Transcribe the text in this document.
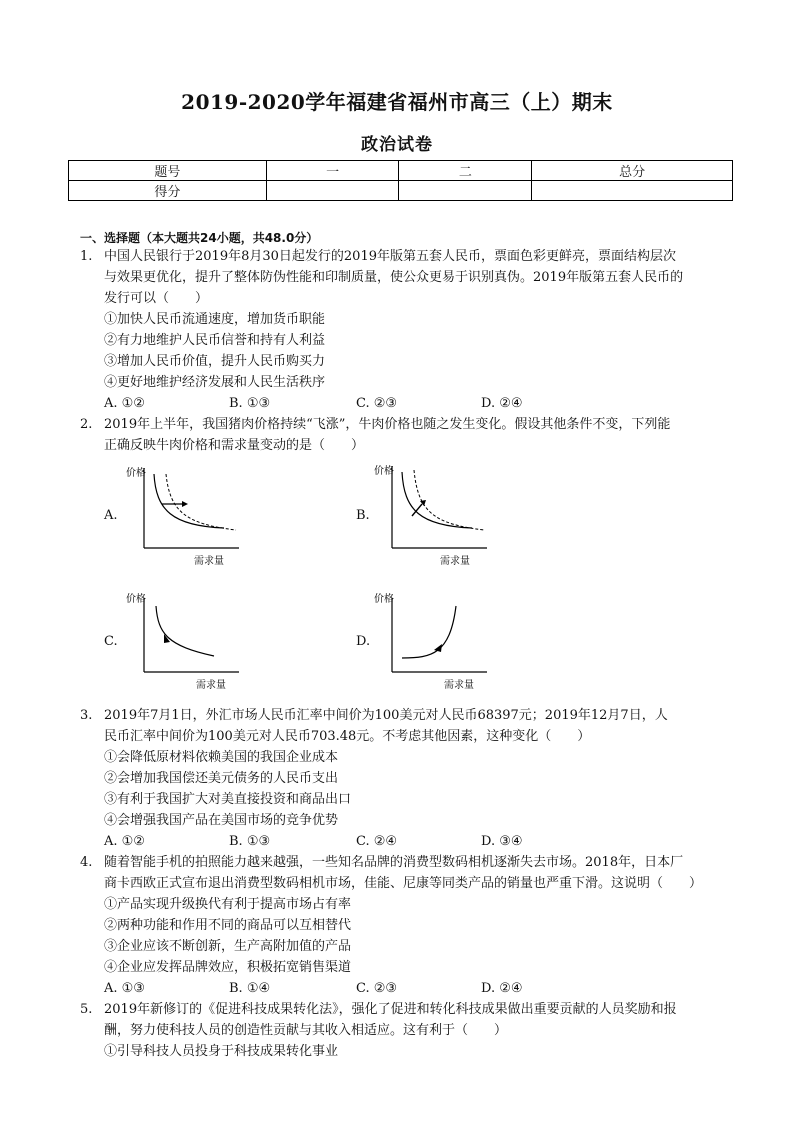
2019-2020学年福建省福州市高三（上）期末
政治试卷
题号	一	二	总分
得分			
一、选择题（本大题共24小题，共48.0分）
1. 中国人民银行于2019年8月30日起发行的2019年版第五套人民币，票面色彩更鲜亮，票面结构层次
与效果更优化，提升了整体防伪性能和印制质量，使公众更易于识别真伪。2019年版第五套人民币的
发行可以（　　）
①加快人民币流通速度，增加货币职能
②有力地维护人民币信誉和持有人利益
③增加人民币价值，提升人民币购买力
④更好地维护经济发展和人民生活秩序
A. ①②	B. ①③	C. ②③	D. ②④
2. 2019年上半年，我国猪肉价格持续“飞涨”，牛肉价格也随之发生变化。假设其他条件不变，下列能
正确反映牛肉价格和需求量变动的是（　　）
A.	B.
C.	D.
价格
需求量
价格
需求量
价格
需求量
价格
需求量
3. 2019年7月1日，外汇市场人民币汇率中间价为100美元对人民币68397元；2019年12月7日，人
民币汇率中间价为100美元对人民币703.48元。不考虑其他因素，这种变化（　　）
①会降低原材料依赖美国的我国企业成本
②会增加我国偿还美元债务的人民币支出
③有利于我国扩大对美直接投资和商品出口
④会增强我国产品在美国市场的竞争优势
A. ①②	B. ①③	C. ②④	D. ③④
4. 随着智能手机的拍照能力越来越强，一些知名品牌的消费型数码相机逐渐失去市场。2018年，日本厂
商卡西欧正式宣布退出消费型数码相机市场，佳能、尼康等同类产品的销量也严重下滑。这说明（　　）
①产品实现升级换代有利于提高市场占有率
②两种功能和作用不同的商品可以互相替代
③企业应该不断创新，生产高附加值的产品
④企业应发挥品牌效应，积极拓宽销售渠道
A. ①③	B. ①④	C. ②③	D. ②④
5. 2019年新修订的《促进科技成果转化法》，强化了促进和转化科技成果做出重要贡献的人员奖励和报
酬，努力使科技人员的创造性贡献与其收入相适应。这有利于（　　）
①引导科技人员投身于科技成果转化事业
